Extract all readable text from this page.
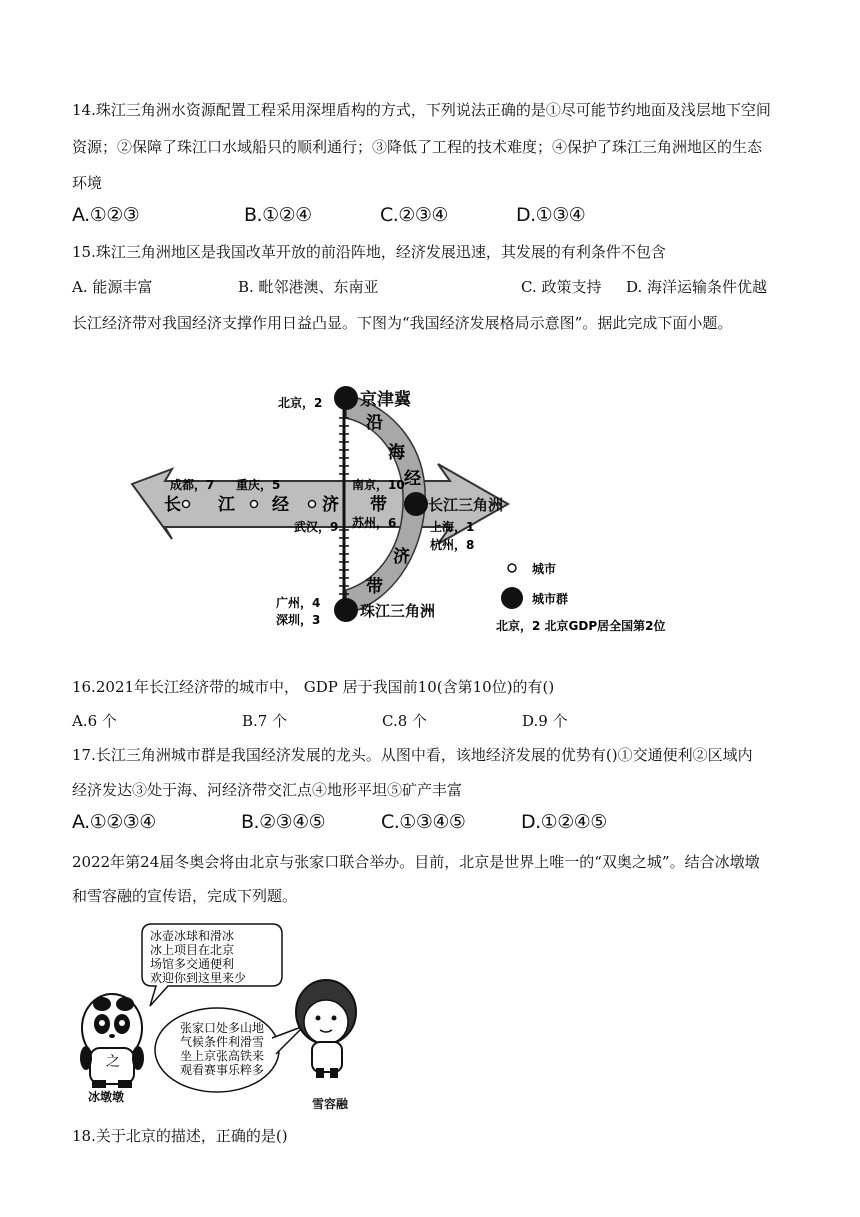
14.珠江三角洲水资源配置工程采用深埋盾构的方式，下列说法正确的是①尽可能节约地面及浅层地下空间
资源；②保障了珠江口水域船只的顺利通行；③降低了工程的技术难度；④保护了珠江三角洲地区的生态
环境
A.①②③	B.①②④	C.②③④	D.①③④
15.珠江三角洲地区是我国改革开放的前沿阵地，经济发展迅速，其发展的有利条件不包含
A. 能源丰富	B. 毗邻港澳、东南亚	C. 政策支持 D. 海洋运输条件优越
长江经济带对我国经济支撑作用日益凸显。下图为“我国经济发展格局示意图”。据此完成下面小题。
京津冀
长江三角洲
珠江三角洲
长 江 经 济 带
沿
海
经
济
带
北京，2
成都，7 重庆，5
武汉，9
南京，10
苏州，6	上海，1
杭州，8
广州，4
深圳，3
城市
城市群
北京，2 北京GDP居全国第2位
16.2021年长江经济带的城市中， GDP 居于我国前10(含第10位)的有()
A.6 个	B.7 个	C.8 个	D.9 个
17.长江三角洲城市群是我国经济发展的龙头。从图中看，该地经济发展的优势有()①交通便利②区域内
经济发达③处于海、河经济带交汇点④地形平坦⑤矿产丰富
A.①②③④	B.②③④⑤	C.①③④⑤	D.①②④⑤
2022年第24届冬奥会将由北京与张家口联合举办。目前，北京是世界上唯一的“双奥之城”。结合冰墩墩
和雪容融的宣传语，完成下列题。
之
冰壶冰球和滑冰
冰上项目在北京
场馆多交通便利
欢迎你到这里来少
张家口处多山地
气候条件利滑雪
坐上京张高铁来
观看赛事乐粹多
冰墩墩	雪容融
18.关于北京的描述，正确的是()
